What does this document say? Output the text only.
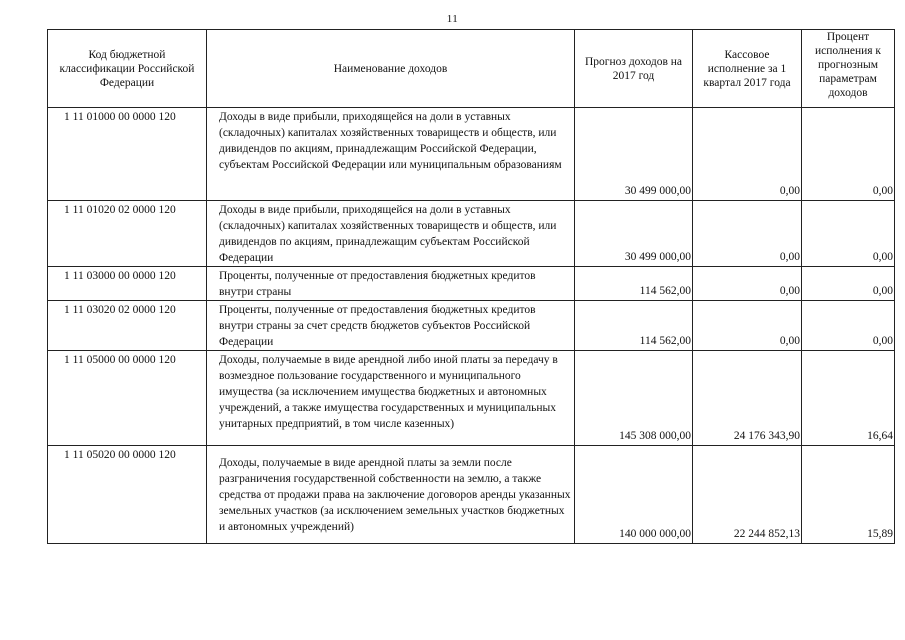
11
Код бюджетной классификации Российской Федерации	Наименование доходов	Прогноз доходов на 2017 год	Кассовое исполнение за 1 квартал 2017 года	Процент исполнения к прогнозным параметрам доходов
1 11 01000 00 0000 120	Доходы в виде прибыли, приходящейся на доли в уставных (складочных) капиталах хозяйственных товариществ и обществ, или дивидендов по акциям, принадлежащим Российской Федерации, субъектам Российской Федерации или муниципальным образованиям	30 499 000,00	0,00	0,00
1 11 01020 02 0000 120	Доходы в виде прибыли, приходящейся на доли в уставных (складочных) капиталах хозяйственных товариществ и обществ, или дивидендов по акциям, принадлежащим субъектам Российской Федерации	30 499 000,00	0,00	0,00
1 11 03000 00 0000 120	Проценты, полученные от предоставления бюджетных кредитов внутри страны	114 562,00	0,00	0,00
1 11 03020 02 0000 120	Проценты, полученные от предоставления бюджетных кредитов внутри страны за счет средств бюджетов субъектов Российской Федерации	114 562,00	0,00	0,00
1 11 05000 00 0000 120	Доходы, получаемые в виде арендной либо иной платы за передачу в возмездное пользование государственного и муниципального имущества (за исключением имущества бюджетных и автономных учреждений, а также имущества государственных и муниципальных унитарных предприятий, в том числе казенных)	145 308 000,00	24 176 343,90	16,64
1 11 05020 00 0000 120	Доходы, получаемые в виде арендной платы за земли после разграничения государственной собственности на землю, а также средства от продажи права на заключение договоров аренды указанных земельных участков (за исключением земельных участков бюджетных и автономных учреждений)	140 000 000,00	22 244 852,13	15,89
